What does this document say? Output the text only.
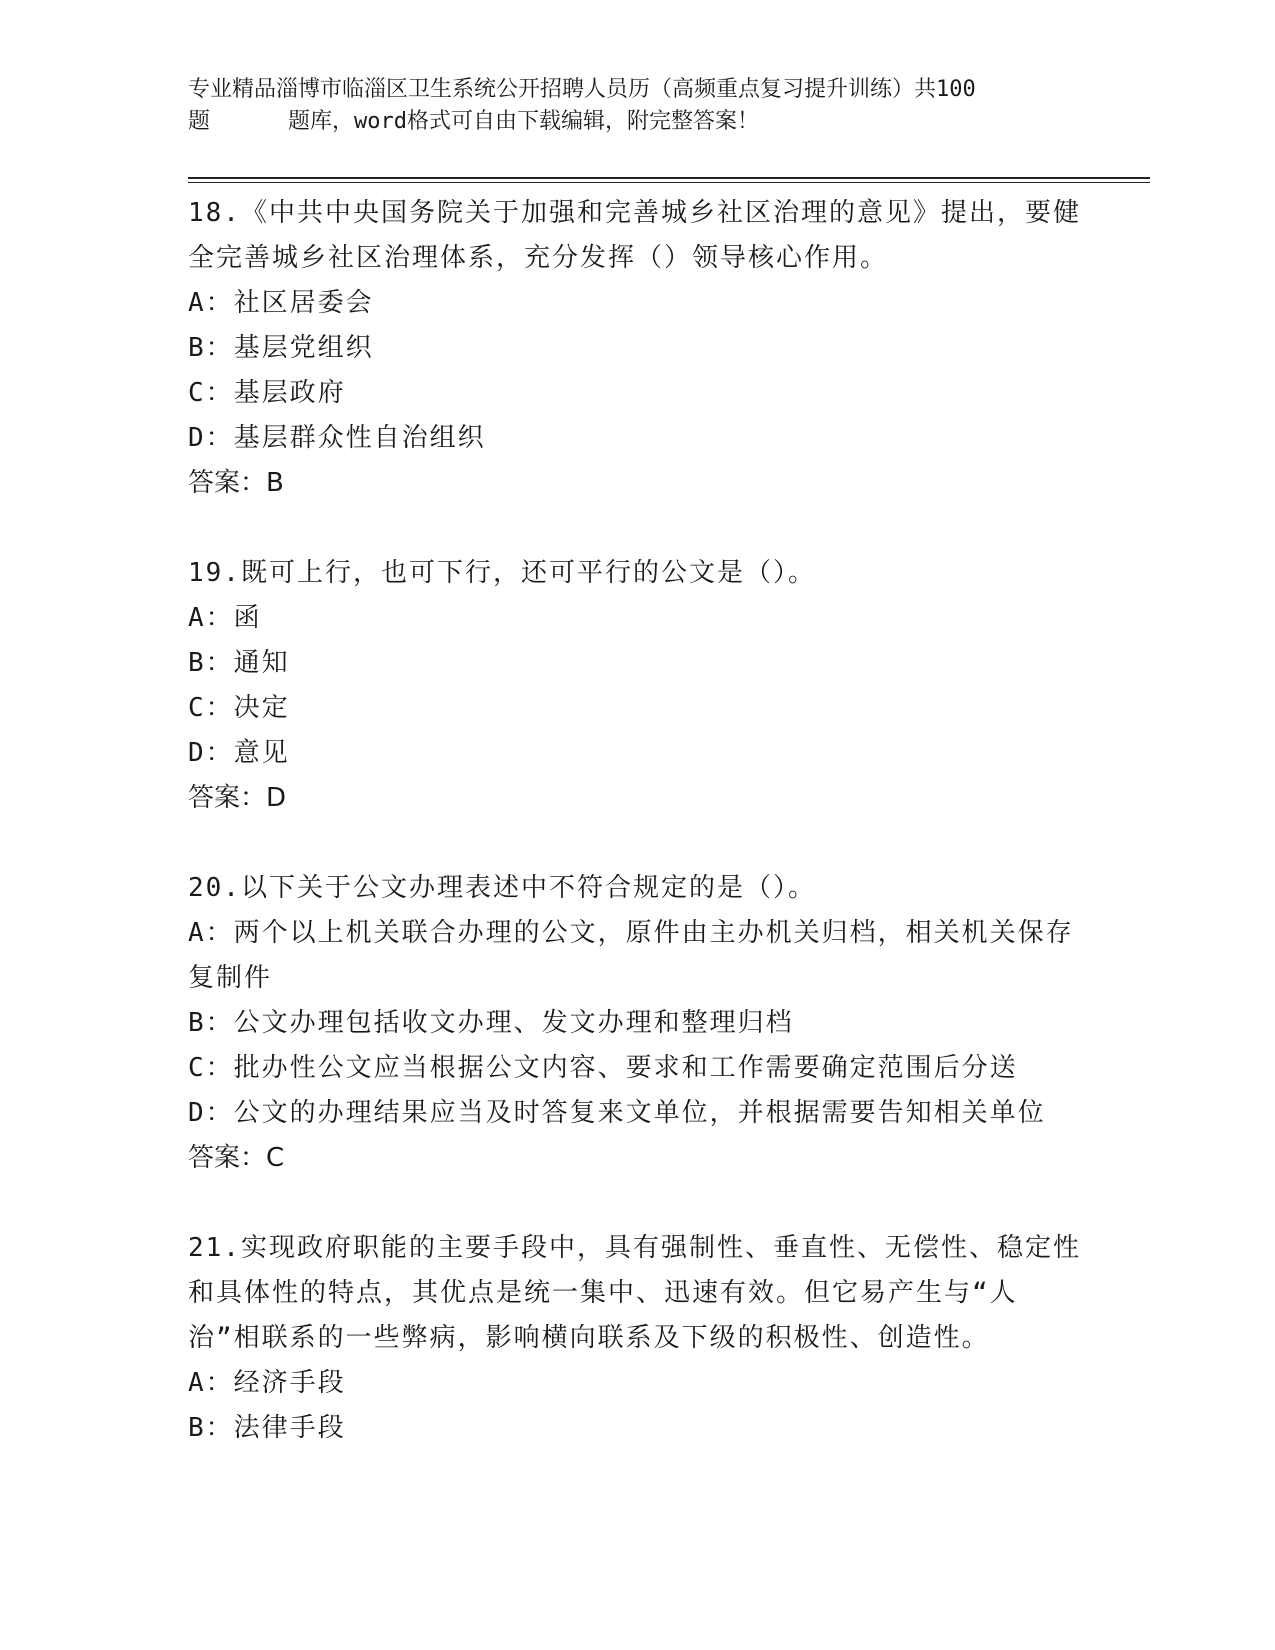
专业精品淄博市临淄区卫生系统公开招聘人员历（高频重点复习提升训练）共100
题	题库，word格式可自由下载编辑，附完整答案！

18.《中共中央国务院关于加强和完善城乡社区治理的意见》提出，要健全完善城乡社区治理体系，充分发挥（）领导核心作用。

A：社区居委会

B：基层党组织

C：基层政府

D：基层群众性自治组织

答案：B

19.既可上行，也可下行，还可平行的公文是（）。

A：函

B：通知

C：决定

D：意见

答案：D

20.以下关于公文办理表述中不符合规定的是（）。

A：两个以上机关联合办理的公文，原件由主办机关归档，相关机关保存复制件

B：公文办理包括收文办理、发文办理和整理归档

C：批办性公文应当根据公文内容、要求和工作需要确定范围后分送

D：公文的办理结果应当及时答复来文单位，并根据需要告知相关单位

答案：C

21.实现政府职能的主要手段中，具有强制性、垂直性、无偿性、稳定性和具体性的特点，其优点是统一集中、迅速有效。但它易产生与“人治”相联系的一些弊病，影响横向联系及下级的积极性、创造性。

A：经济手段

B：法律手段
